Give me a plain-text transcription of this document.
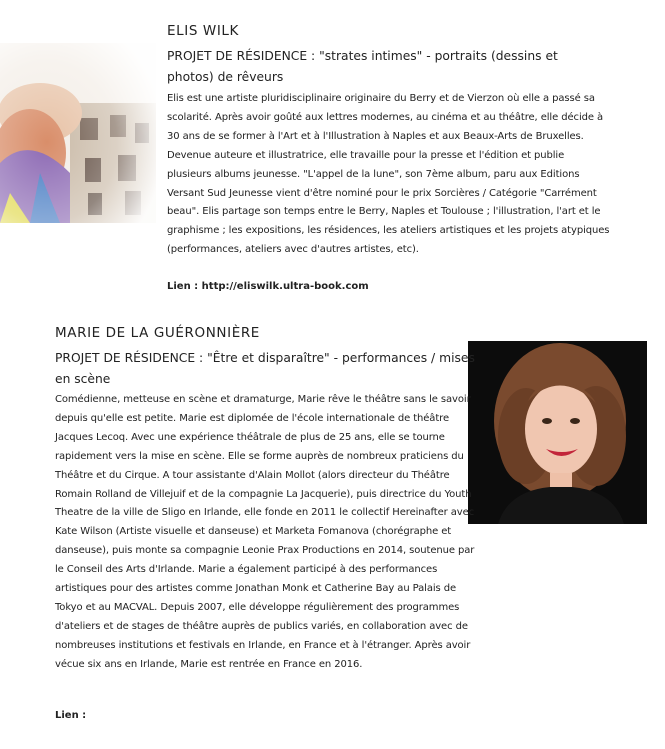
ELIS WILK
PROJET DE RÉSIDENCE : "strates intimes" - portraits (dessins et photos) de rêveurs
Elis est une artiste pluridisciplinaire originaire du Berry et de Vierzon où elle a passé sa scolarité. Après avoir goûté aux lettres modernes, au cinéma et au théâtre, elle décide à 30 ans de se former à l'Art et à l'Illustration à Naples et aux Beaux-Arts de Bruxelles. Devenue auteure et illustratrice, elle travaille pour la presse et l'édition et publie plusieurs albums jeunesse. "L'appel de la lune", son 7ème album, paru aux Editions Versant Sud Jeunesse vient d'être nominé pour le prix Sorcières / Catégorie "Carrément beau". Elis partage son temps entre le Berry, Naples et Toulouse ; l'illustration, l'art et le graphisme ; les expositions, les résidences, les ateliers artistiques et les projets atypiques (performances, ateliers avec d'autres artistes, etc).
Lien : http://eliswilk.ultra-book.com
MARIE DE LA GUÉRONNIÈRE
PROJET DE RÉSIDENCE : "Être et disparaître" - performances / mises en scène
Comédienne, metteuse en scène et dramaturge, Marie rêve le théâtre sans le savoir depuis qu'elle est petite. Marie est diplomée de l'école internationale de théâtre Jacques Lecoq. Avec une expérience théâtrale de plus de 25 ans, elle se tourne rapidement vers la mise en scène. Elle se forme auprès de nombreux praticiens du Théâtre et du Cirque. A tour assistante d'Alain Mollot (alors directeur du Théâtre Romain Rolland de Villejuif et de la compagnie La Jacquerie), puis directrice du Youth Theatre de la ville de Sligo en Irlande, elle fonde en 2011 le collectif Hereinafter avec Kate Wilson (Artiste visuelle et danseuse) et Marketa Fomanova (chorégraphe et danseuse), puis monte sa compagnie Leonie Prax Productions en 2014, soutenue par le Conseil des Arts d'Irlande. Marie a également participé à des performances artistiques pour des artistes comme Jonathan Monk et Catherine Bay au Palais de Tokyo et au MACVAL. Depuis 2007, elle développe régulièrement des programmes d'ateliers et de stages de théâtre auprès de publics variés, en collaboration avec de nombreuses institutions et festivals en Irlande, en France et à l'étranger. Après avoir vécue six ans en Irlande, Marie est rentrée en France en 2016.
Lien :
